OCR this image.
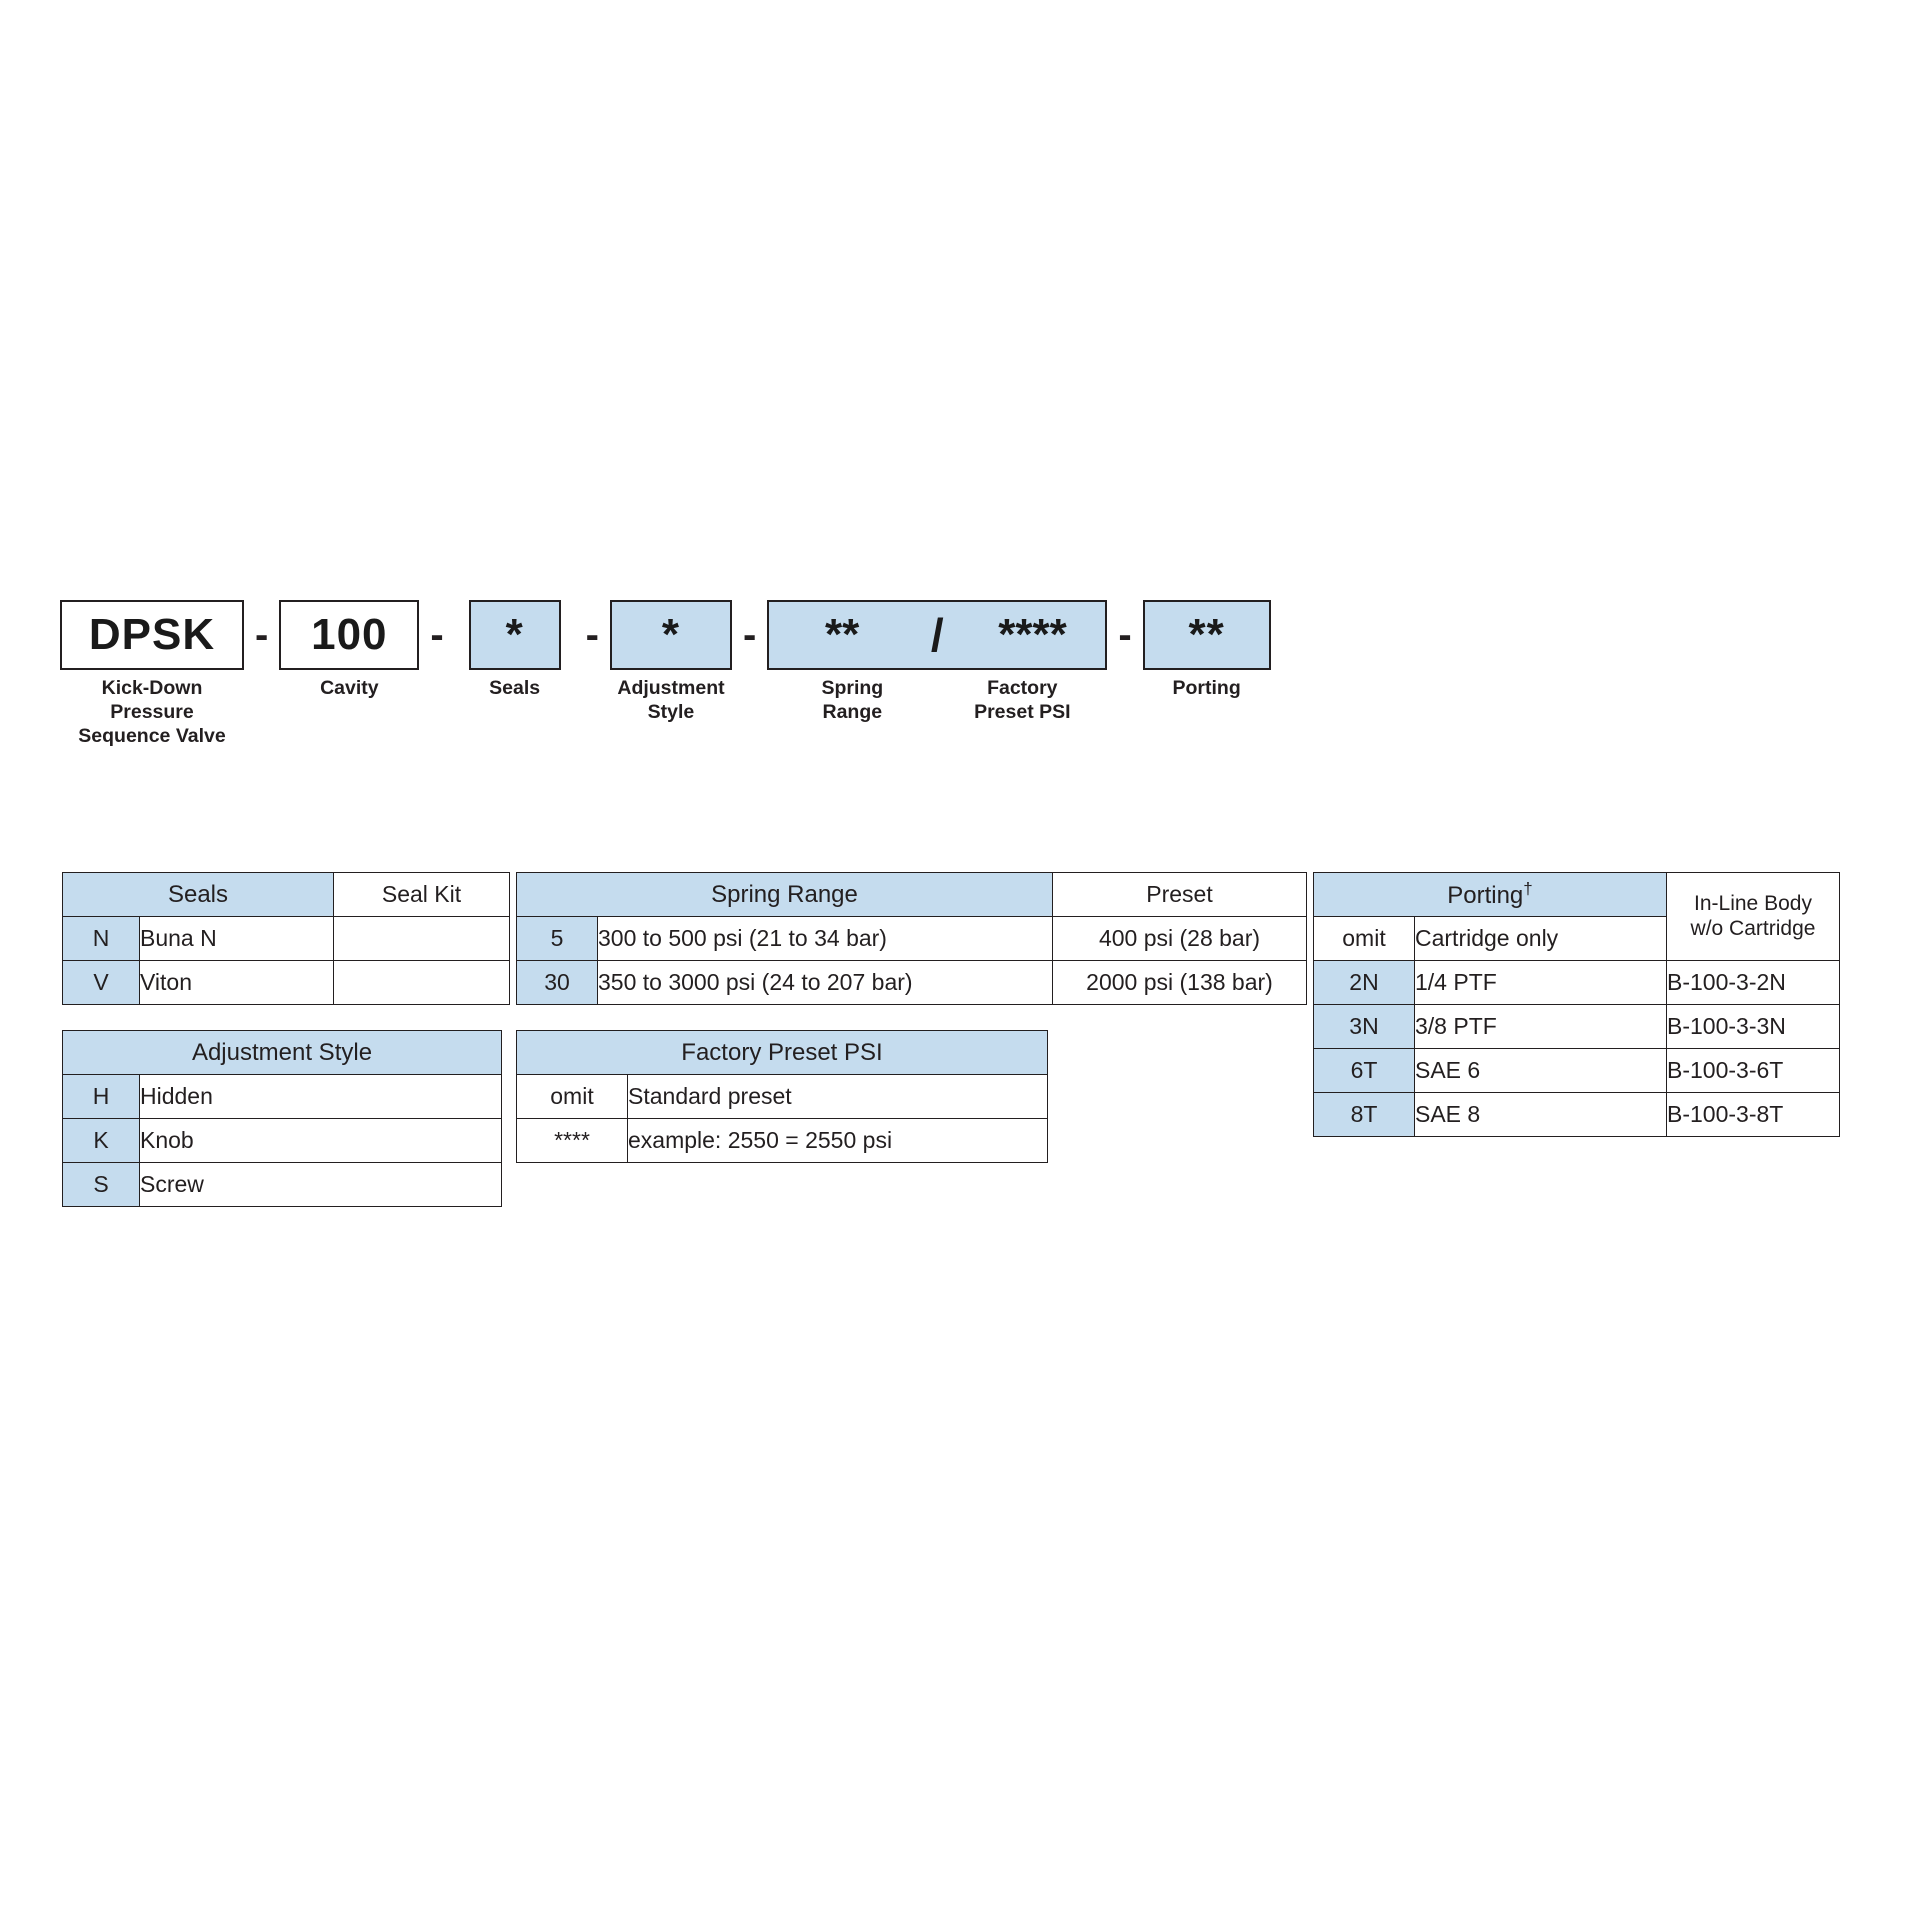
DPSK
Kick-Down Pressure
Sequence Valve
- 100
Cavity
-	*
Seals
-	*
Adjustment
Style
-	**	/	****
Spring
Range
Factory
Preset PSI
-	**
Porting
Seals		Seal Kit
N	Buna N	
V	Viton	
Adjustment Style	
H	Hidden
K	Knob
S	Screw
Spring Range		Preset
5	300 to 500 psi (21 to 34 bar)	400 psi (28 bar)
30	350 to 3000 psi (24 to 207 bar)	2000 psi (138 bar)
Factory Preset PSI	
omit	Standard preset
****	example: 2550 = 2550 psi
Porting†		In-Line Body
w/o Cartridge

omit	Cartridge only	
2N	1/4 PTF	B-100-3-2N
3N	3/8 PTF	B-100-3-3N
6T	SAE 6	B-100-3-6T
8T	SAE 8	B-100-3-8T
